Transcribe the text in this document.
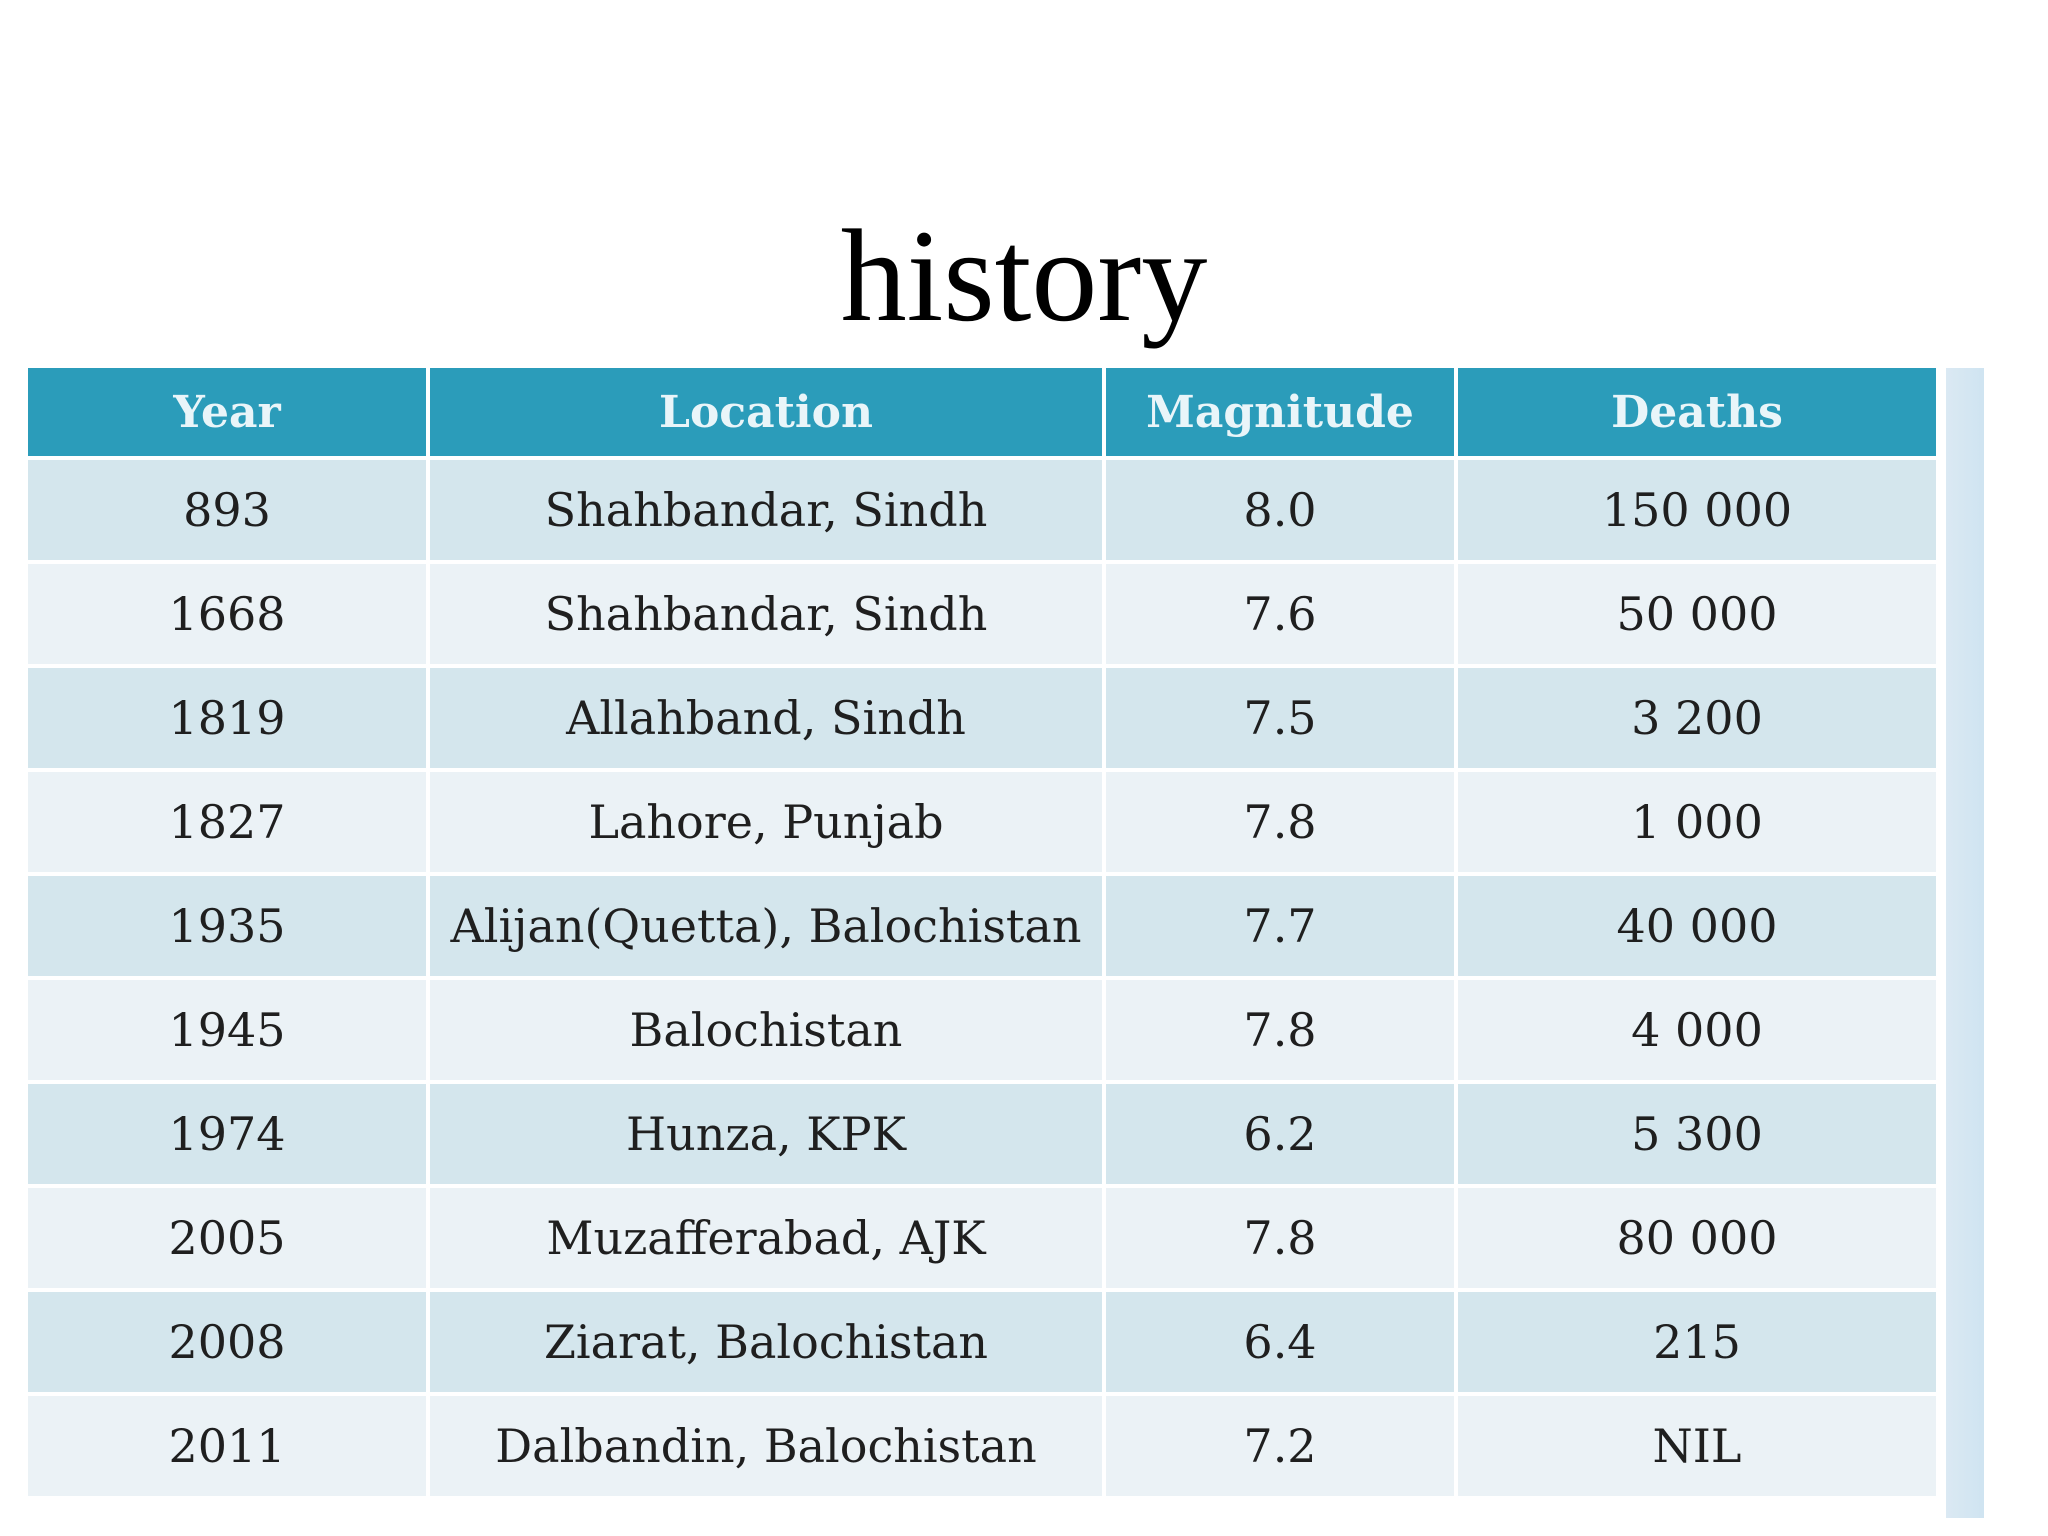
history
Year	Location	Magnitude	Deaths
893	Shahbandar, Sindh	8.0	150 000
1668	Shahbandar, Sindh	7.6	50 000
1819	Allahband, Sindh	7.5	3 200
1827	Lahore, Punjab	7.8	1 000
1935	Alijan(Quetta), Balochistan	7.7	40 000
1945	Balochistan	7.8	4 000
1974	Hunza, KPK	6.2	5 300
2005	Muzafferabad, AJK	7.8	80 000
2008	Ziarat, Balochistan	6.4	215
2011	Dalbandin, Balochistan	7.2	NIL
